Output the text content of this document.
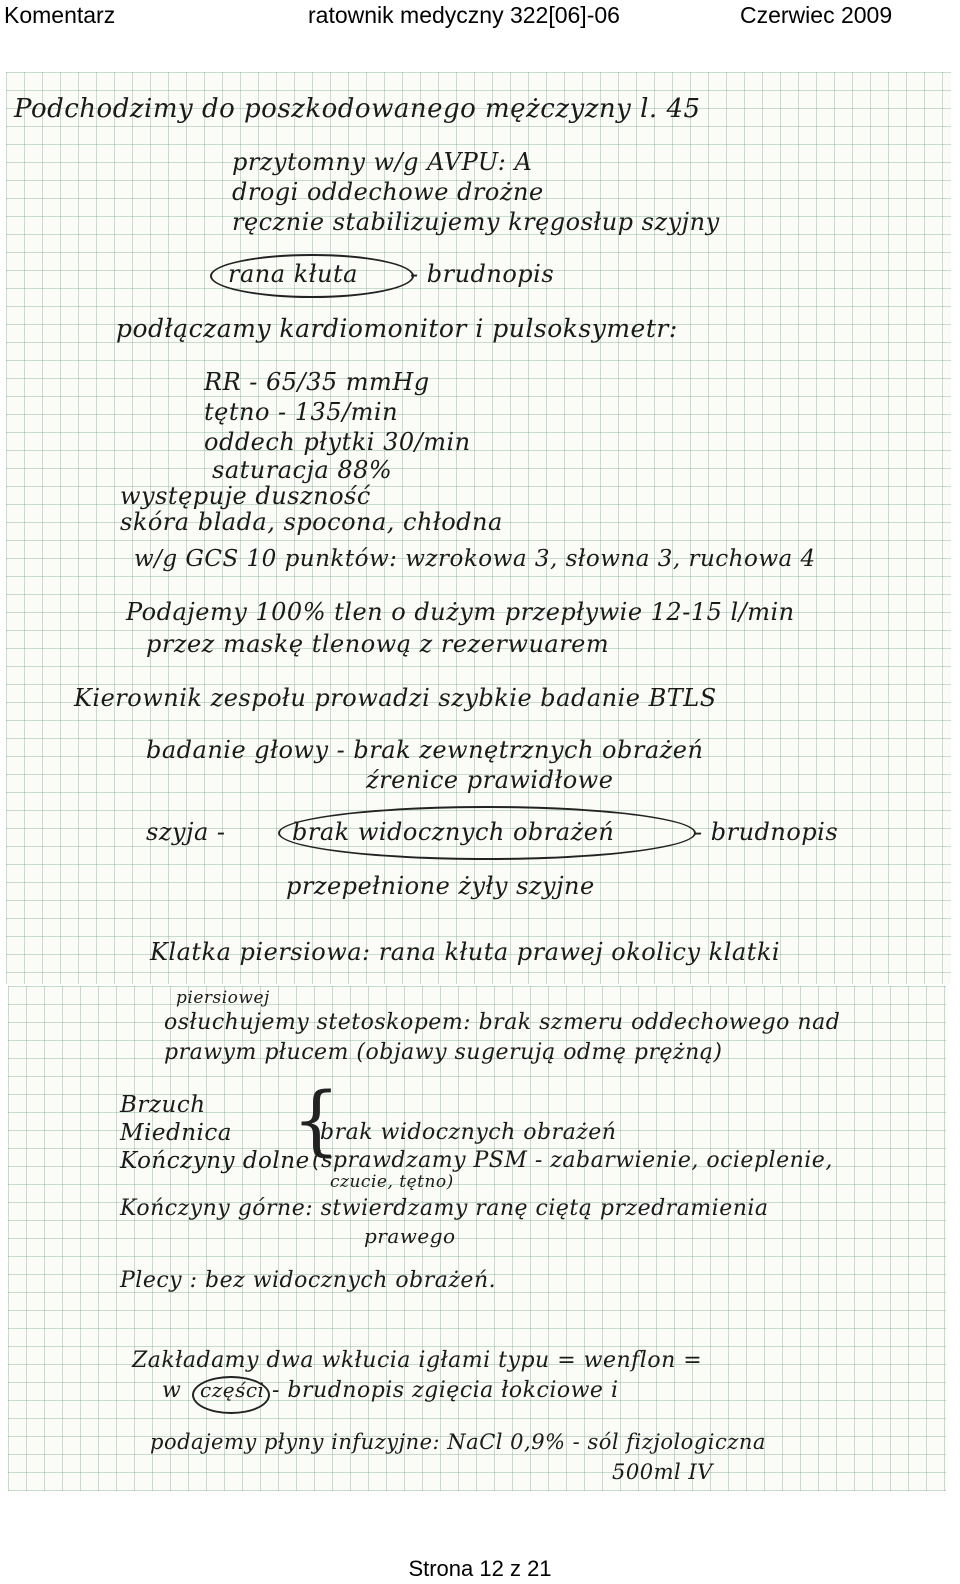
Komentarz	ratownik medyczny 322[06]-06	Czerwiec 2009
Podchodzimy do poszkodowanego mężczyzny l. 45
przytomny w/g AVPU: A
drogi oddechowe drożne
ręcznie stabilizujemy kręgosłup szyjny
rana kłuta - brudnopis
podłączamy kardiomonitor i pulsoksymetr:
RR - 65/35 mmHg
tętno - 135/min
oddech płytki 30/min
saturacja 88%
występuje duszność
skóra blada, spocona, chłodna
w/g GCS 10 punktów: wzrokowa 3, słowna 3, ruchowa 4
Podajemy 100% tlen o dużym przepływie 12-15 l/min
przez maskę tlenową z rezerwuarem
Kierownik zespołu prowadzi szybkie badanie BTLS
badanie głowy - brak zewnętrznych obrażeń
źrenice prawidłowe
szyja -	brak widocznych obrażeń	- brudnopis
przepełnione żyły szyjne
Klatka piersiowa: rana kłuta prawej okolicy klatki
piersiowej
osłuchujemy stetoskopem: brak szmeru oddechowego nad
prawym płucem (objawy sugerują odmę prężną)
Brzuch
Miednica {
brak widocznych obrażeń
Kończyny dolne (sprawdzamy PSM - zabarwienie, ocieplenie,
czucie, tętno)
Kończyny górne: stwierdzamy ranę ciętą przedramienia
prawego
Plecy : bez widocznych obrażeń.
Zakładamy dwa wkłucia igłami typu = wenflon =
w części - brudnopis zgięcia łokciowe i
podajemy płyny infuzyjne: NaCl 0,9% - sól fizjologiczna
500ml IV
Strona 12 z 21
